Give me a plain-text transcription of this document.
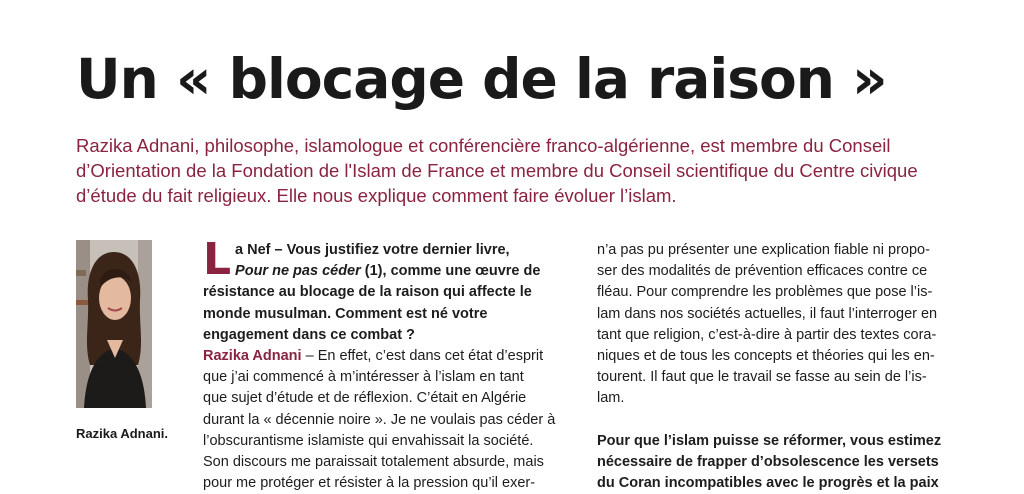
Un « blocage de la raison »
Razika Adnani, philosophe, islamologue et conférencière franco-algérienne, est membre du Conseil
d’Orientation de la Fondation de l'Islam de France et membre du Conseil scientifique du Centre civique
d’étude du fait religieux. Elle nous explique comment faire évoluer l’islam.
Razika Adnani.
L a Nef – Vous justifiez votre dernier livre,
Pour ne pas céder (1), comme une œuvre de
résistance au blocage de la raison qui affecte le
monde musulman. Comment est né votre
engagement dans ce combat ?
Razika Adnani – En effet, c’est dans cet état d’esprit
que j’ai commencé à m’intéresser à l’islam en tant
que sujet d’étude et de réflexion. C’était en Algérie
durant la « décennie noire ». Je ne voulais pas céder à
l’obscurantisme islamiste qui envahissait la société.
Son discours me paraissait totalement absurde, mais
pour me protéger et résister à la pression qu’il exer-
n’a pas pu présenter une explication fiable ni propo-
ser des modalités de prévention efficaces contre ce
fléau. Pour comprendre les problèmes que pose l’is-
lam dans nos sociétés actuelles, il faut l’interroger en
tant que religion, c’est-à-dire à partir des textes cora-
niques et de tous les concepts et théories qui les en-
tourent. Il faut que le travail se fasse au sein de l’is-
lam.
Pour que l’islam puisse se réformer, vous estimez
nécessaire de frapper d’obsolescence les versets
du Coran incompatibles avec le progrès et la paix
